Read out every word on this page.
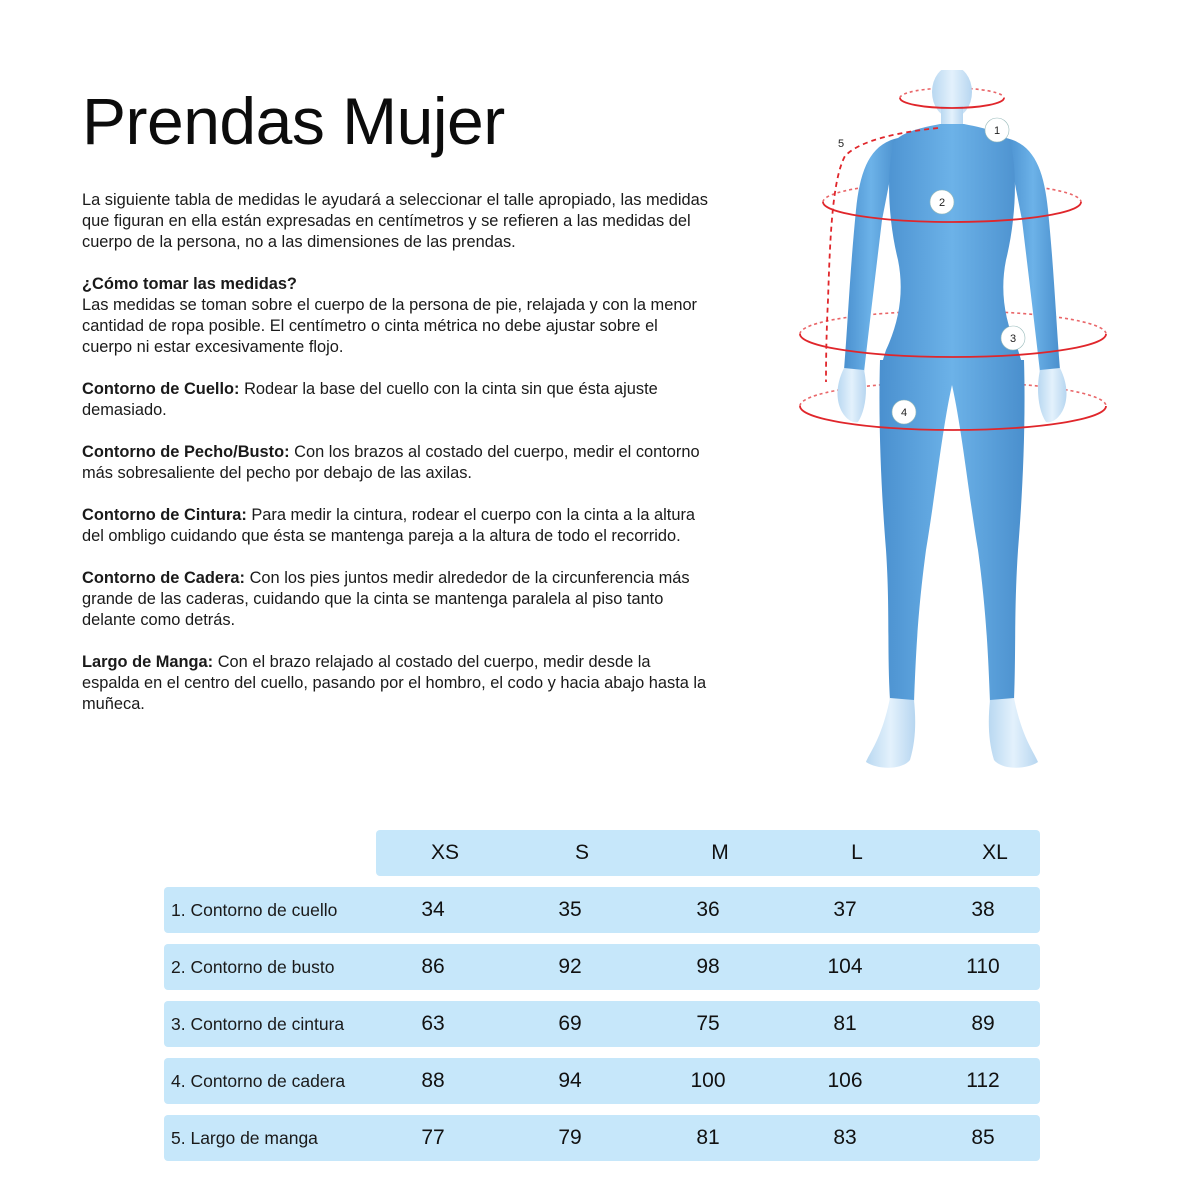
Prendas Mujer

La siguiente tabla de medidas le ayudará a seleccionar el talle apropiado, las medidas que figuran en ella están expresadas en centímetros y se refieren a las medidas del cuerpo de la persona, no a las dimensiones de las prendas.

¿Cómo tomar las medidas?
Las medidas se toman sobre el cuerpo de la persona de pie, relajada y con la menor cantidad de ropa posible. El centímetro o cinta métrica no debe ajustar sobre el cuerpo ni estar excesivamente flojo.

Contorno de Cuello: Rodear la base del cuello con la cinta sin que ésta ajuste demasiado.

Contorno de Pecho/Busto: Con los brazos al costado del cuerpo, medir el contorno más sobresaliente del pecho por debajo de las axilas.

Contorno de Cintura: Para medir la cintura, rodear el cuerpo con la cinta a la altura del ombligo cuidando que ésta se mantenga pareja a la altura de todo el recorrido.

Contorno de Cadera: Con los pies juntos medir alrededor de la circunferencia más grande de las caderas, cuidando que la cinta se mantenga paralela al piso tanto delante como detrás.

Largo de Manga: Con el brazo relajado al costado del cuerpo, medir desde la espalda en el centro del cuello, pasando por el hombro, el codo y hacia abajo hasta la muñeca.

1
2
3
4
5
XS	S	M	L	XL
1. Contorno de cuello	34	35	36	37	38
2. Contorno de busto	86	92	98	104	110
3. Contorno de cintura	63	69	75	81	89
4. Contorno de cadera	88	94	100	106	112
5. Largo de manga	77	79	81	83	85
